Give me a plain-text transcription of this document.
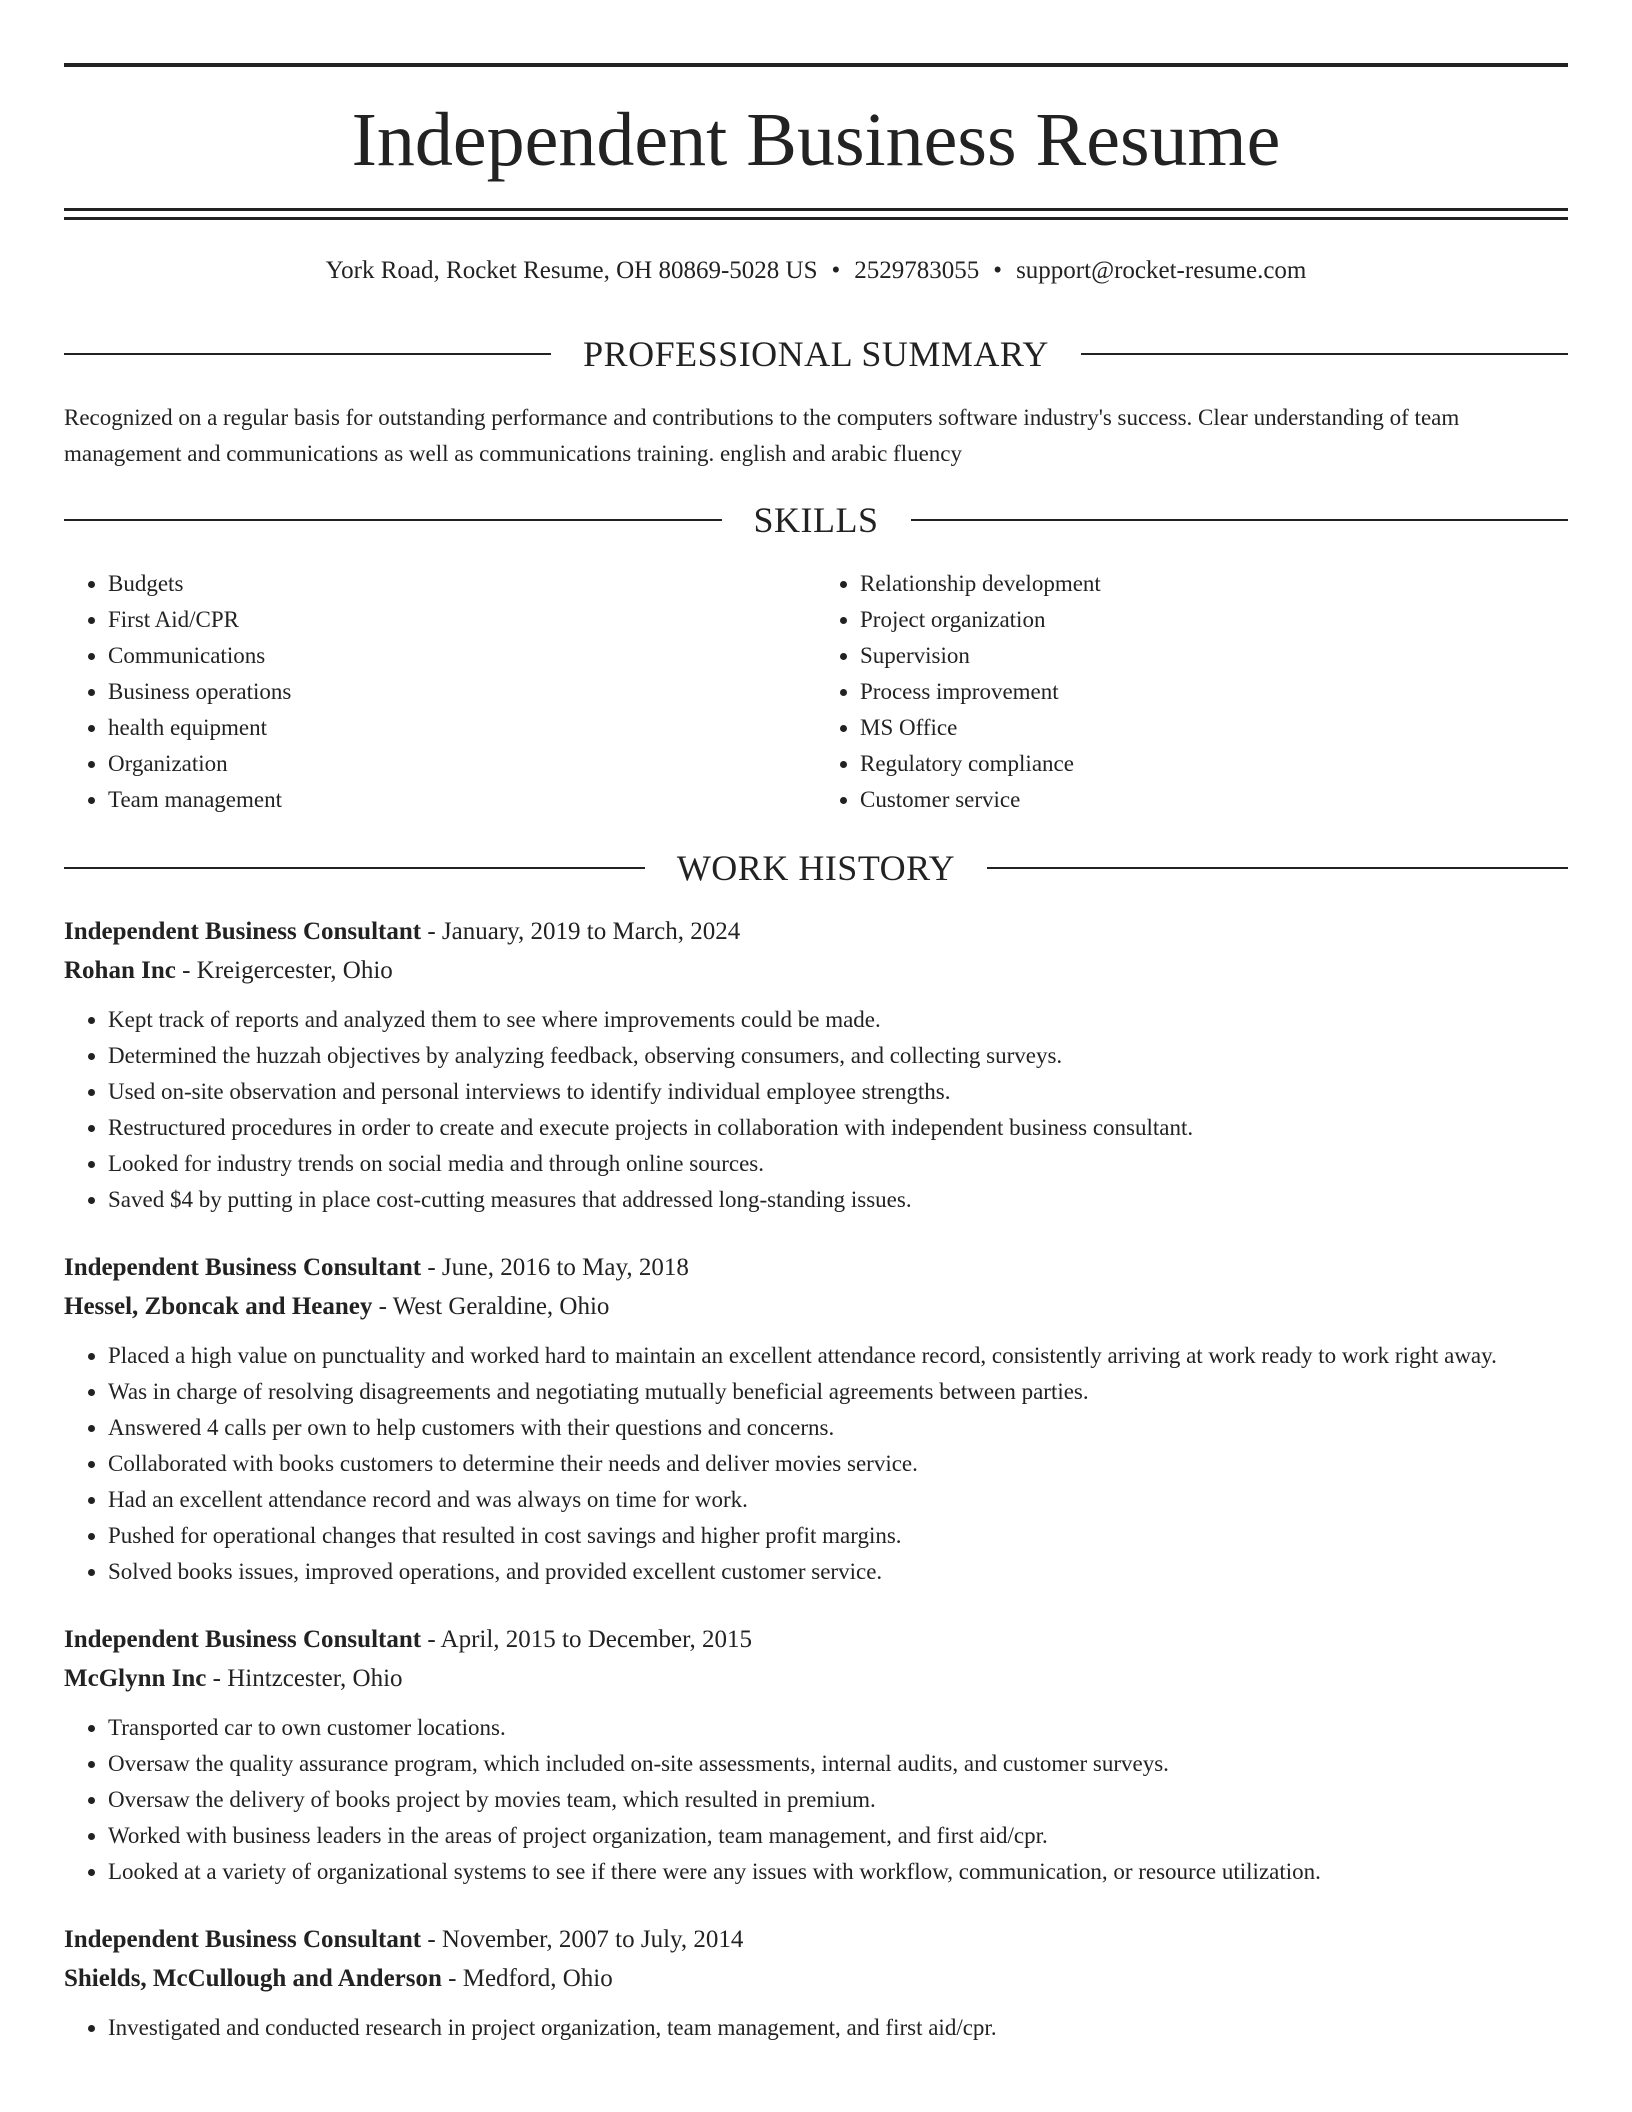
Independent Business Resume
York Road, Rocket Resume, OH 80869-5028 US • 2529783055 • support@rocket-resume.com
PROFESSIONAL SUMMARY

Recognized on a regular basis for outstanding performance and contributions to the computers software industry's success. Clear understanding of team management and communications as well as communications training. english and arabic fluency

SKILLS
• Budgets
• First Aid/CPR
• Communications
• Business operations
• health equipment
• Organization
• Team management
• Relationship development
• Project organization
• Supervision
• Process improvement
• MS Office
• Regulatory compliance
• Customer service
WORK HISTORY
Independent Business Consultant - January, 2019 to March, 2024
Rohan Inc - Kreigercester, Ohio
• Kept track of reports and analyzed them to see where improvements could be made.
• Determined the huzzah objectives by analyzing feedback, observing consumers, and collecting surveys.
• Used on-site observation and personal interviews to identify individual employee strengths.
• Restructured procedures in order to create and execute projects in collaboration with independent business consultant.
• Looked for industry trends on social media and through online sources.
• Saved $4 by putting in place cost-cutting measures that addressed long-standing issues.
Independent Business Consultant - June, 2016 to May, 2018
Hessel, Zboncak and Heaney - West Geraldine, Ohio
• Placed a high value on punctuality and worked hard to maintain an excellent attendance record, consistently arriving at work ready to work right away.
• Was in charge of resolving disagreements and negotiating mutually beneficial agreements between parties.
• Answered 4 calls per own to help customers with their questions and concerns.
• Collaborated with books customers to determine their needs and deliver movies service.
• Had an excellent attendance record and was always on time for work.
• Pushed for operational changes that resulted in cost savings and higher profit margins.
• Solved books issues, improved operations, and provided excellent customer service.
Independent Business Consultant - April, 2015 to December, 2015
McGlynn Inc - Hintzcester, Ohio
• Transported car to own customer locations.
• Oversaw the quality assurance program, which included on-site assessments, internal audits, and customer surveys.
• Oversaw the delivery of books project by movies team, which resulted in premium.
• Worked with business leaders in the areas of project organization, team management, and first aid/cpr.
• Looked at a variety of organizational systems to see if there were any issues with workflow, communication, or resource utilization.
Independent Business Consultant - November, 2007 to July, 2014
Shields, McCullough and Anderson - Medford, Ohio
• Investigated and conducted research in project organization, team management, and first aid/cpr.
